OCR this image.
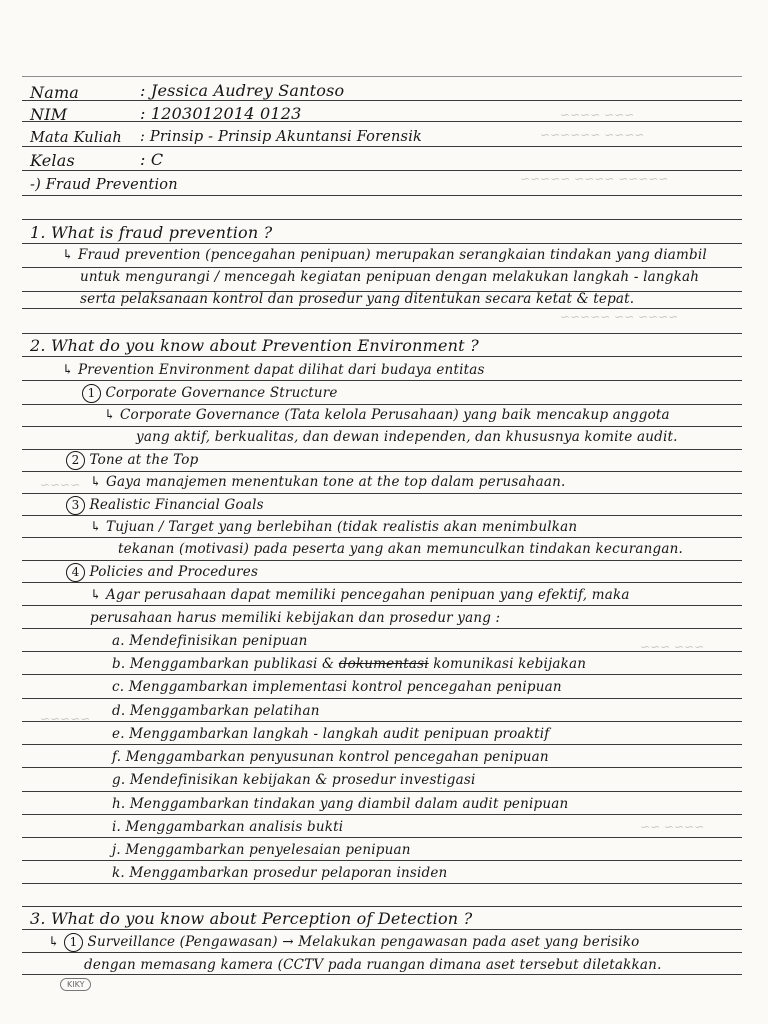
~~~ ~~~~
~~~~ ~~~~~~
~~~~~ ~~~~ ~~~~~
~~~~ ~~ ~~~~~
~~~~
~~~~~
~~~ ~~~
~~~~ ~~
Nama	: Jessica Audrey Santoso
NIM	: 1203012014 0123
Mata Kuliah : Prinsip - Prinsip Akuntansi Forensik
Kelas	: C
-) Fraud Prevention
1. What is fraud prevention ?
↳ Fraud prevention (pencegahan penipuan) merupakan serangkaian tindakan yang diambil
untuk mengurangi / mencegah kegiatan penipuan dengan melakukan langkah - langkah
serta pelaksanaan kontrol dan prosedur yang ditentukan secara ketat & tepat.
2. What do you know about Prevention Environment ?
↳ Prevention Environment dapat dilihat dari budaya entitas
1 Corporate Governance Structure
↳ Corporate Governance (Tata kelola Perusahaan) yang baik mencakup anggota
yang aktif, berkualitas, dan dewan independen, dan khususnya komite audit.
2 Tone at the Top
↳ Gaya manajemen menentukan tone at the top dalam perusahaan.
3 Realistic Financial Goals
↳ Tujuan / Target yang berlebihan (tidak realistis akan menimbulkan
tekanan (motivasi) pada peserta yang akan memunculkan tindakan kecurangan.
4 Policies and Procedures
↳ Agar perusahaan dapat memiliki pencegahan penipuan yang efektif, maka
perusahaan harus memiliki kebijakan dan prosedur yang :
a. Mendefinisikan penipuan
b. Menggambarkan publikasi & dokumentasi komunikasi kebijakan
c. Menggambarkan implementasi kontrol pencegahan penipuan
d. Menggambarkan pelatihan
e. Menggambarkan langkah - langkah audit penipuan proaktif
f. Menggambarkan penyusunan kontrol pencegahan penipuan
g. Mendefinisikan kebijakan & prosedur investigasi
h. Menggambarkan tindakan yang diambil dalam audit penipuan
i. Menggambarkan analisis bukti
j. Menggambarkan penyelesaian penipuan
k. Menggambarkan prosedur pelaporan insiden
3. What do you know about Perception of Detection ?
↳ 1 Surveillance (Pengawasan) → Melakukan pengawasan pada aset yang berisiko
dengan memasang kamera (CCTV pada ruangan dimana aset tersebut diletakkan.
KIKY
